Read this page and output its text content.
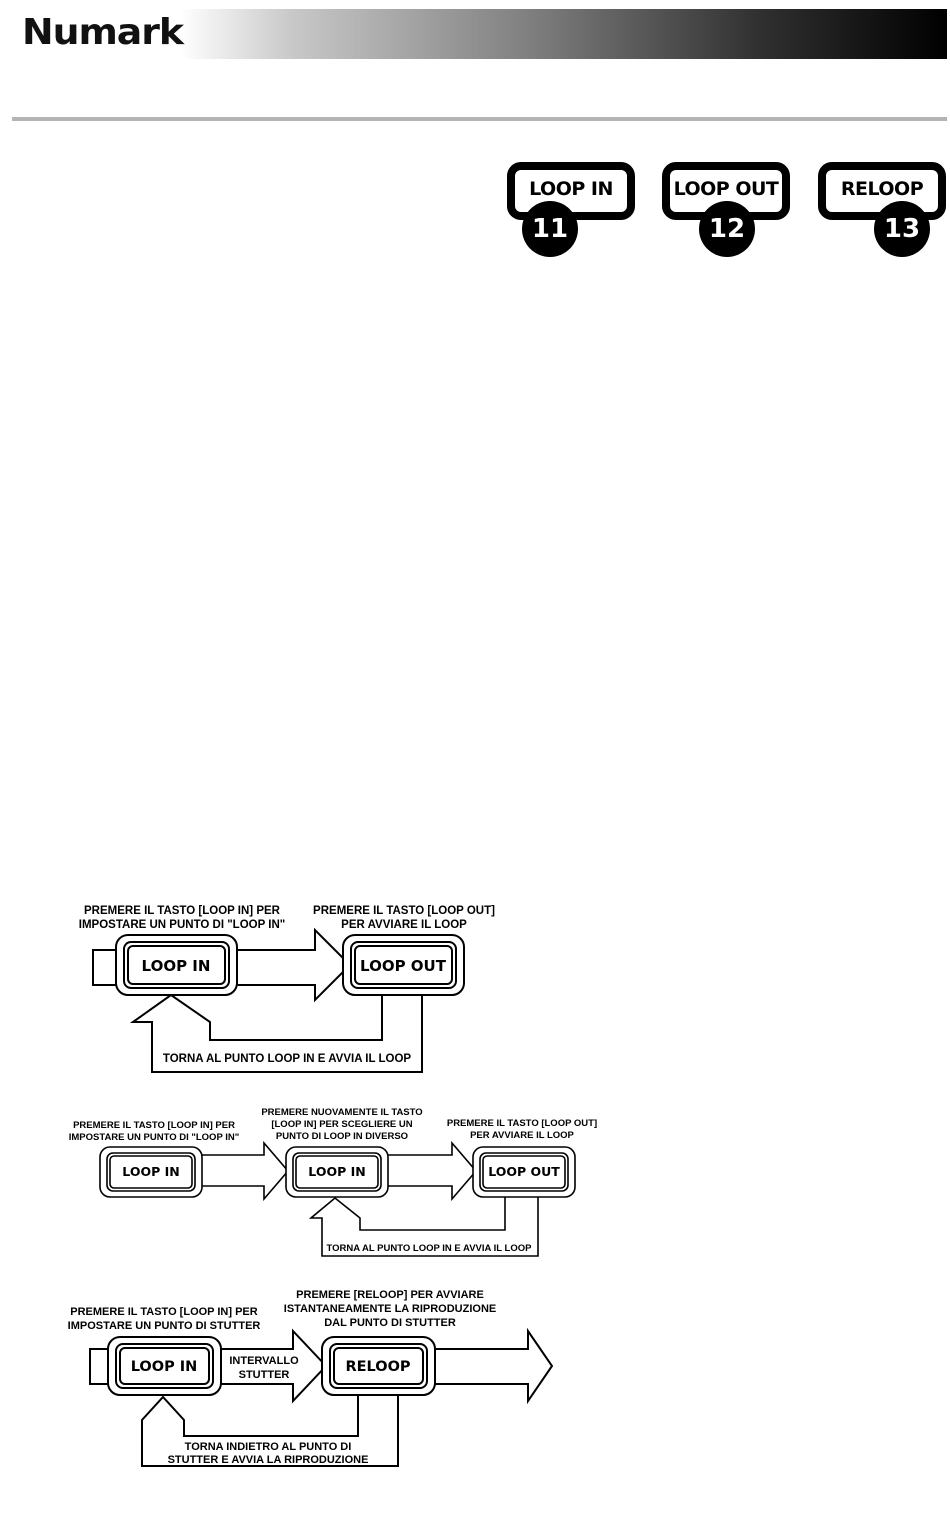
Numark
LOOP IN
11
LOOP OUT
12
RELOOP
13
PREMERE IL TASTO [LOOP IN] PER
IMPOSTARE UN PUNTO DI "LOOP IN"
PREMERE IL TASTO [LOOP OUT]
PER AVVIARE IL LOOP
LOOP IN	LOOP OUT
TORNA AL PUNTO LOOP IN E AVVIA IL LOOP
PREMERE IL TASTO [LOOP IN] PER
IMPOSTARE UN PUNTO DI "LOOP IN"
PREMERE NUOVAMENTE IL TASTO
[LOOP IN] PER SCEGLIERE UN
PUNTO DI LOOP IN DIVERSO
PREMERE IL TASTO [LOOP OUT]
PER AVVIARE IL LOOP
LOOP IN	LOOP IN	LOOP OUT
TORNA AL PUNTO LOOP IN E AVVIA IL LOOP
PREMERE IL TASTO [LOOP IN] PER
IMPOSTARE UN PUNTO DI STUTTER
PREMERE [RELOOP] PER AVVIARE
ISTANTANEAMENTE LA RIPRODUZIONE
DAL PUNTO DI STUTTER
LOOP IN	RELOOP
INTERVALLO
STUTTER
TORNA INDIETRO AL PUNTO DI
STUTTER E AVVIA LA RIPRODUZIONE
